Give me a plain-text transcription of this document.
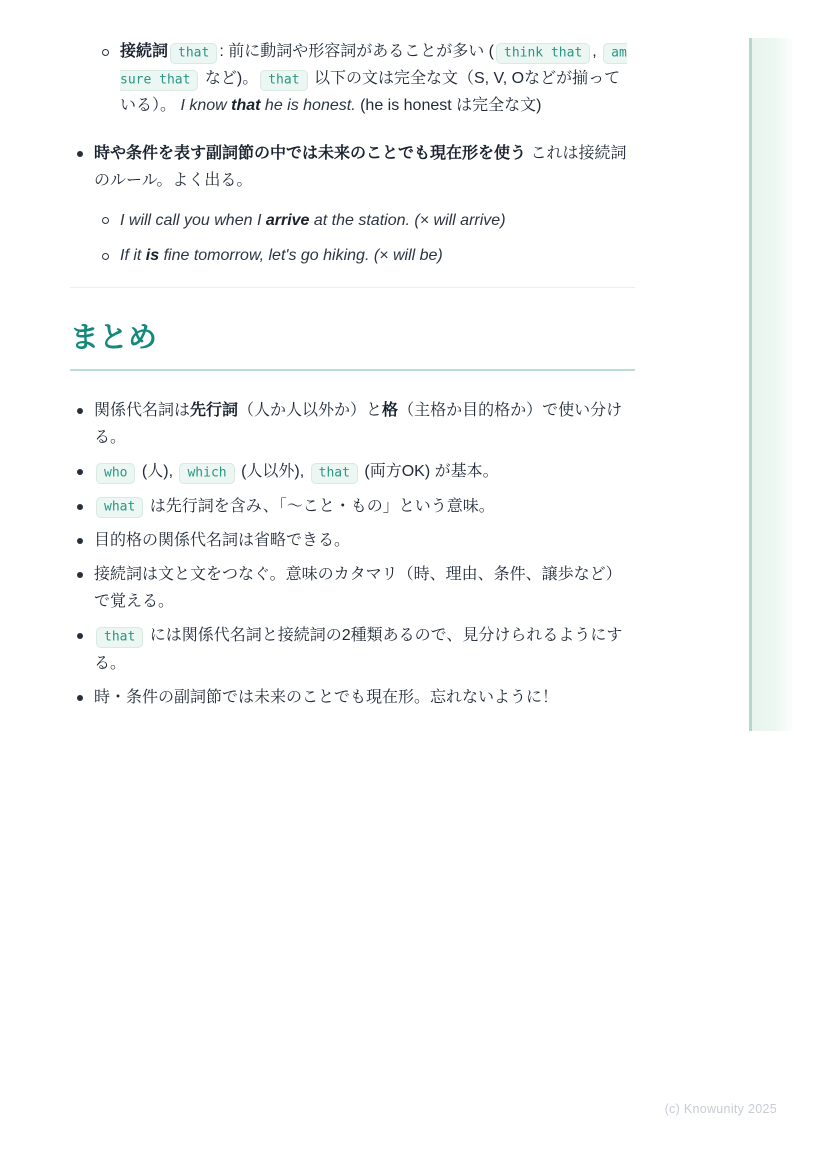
接続詞 that : 前に動詞や形容詞があることが多い ( think that , am sure that など)。 that 以下の文は完全な文（S, V, Oなどが揃っている）。 I know that he is honest. (he is honest は完全な文)
時や条件を表す副詞節の中では未来のことでも現在形を使う これは接続詞のルール。よく出る。
I will call you when I arrive at the station. (× will arrive)
If it is fine tomorrow, let's go hiking. (× will be)
まとめ
関係代名詞は先行詞（人か人以外か）と格（主格か目的格か）で使い分ける。
who (人), which (人以外), that (両方OK) が基本。
what は先行詞を含み、「〜こと・もの」という意味。
目的格の関係代名詞は省略できる。
接続詞は文と文をつなぐ。意味のカタマリ（時、理由、条件、譲歩など）で覚える。
that には関係代名詞と接続詞の2種類あるので、見分けられるようにする。
時・条件の副詞節では未来のことでも現在形。忘れないように！
(c) Knowunity 2025
